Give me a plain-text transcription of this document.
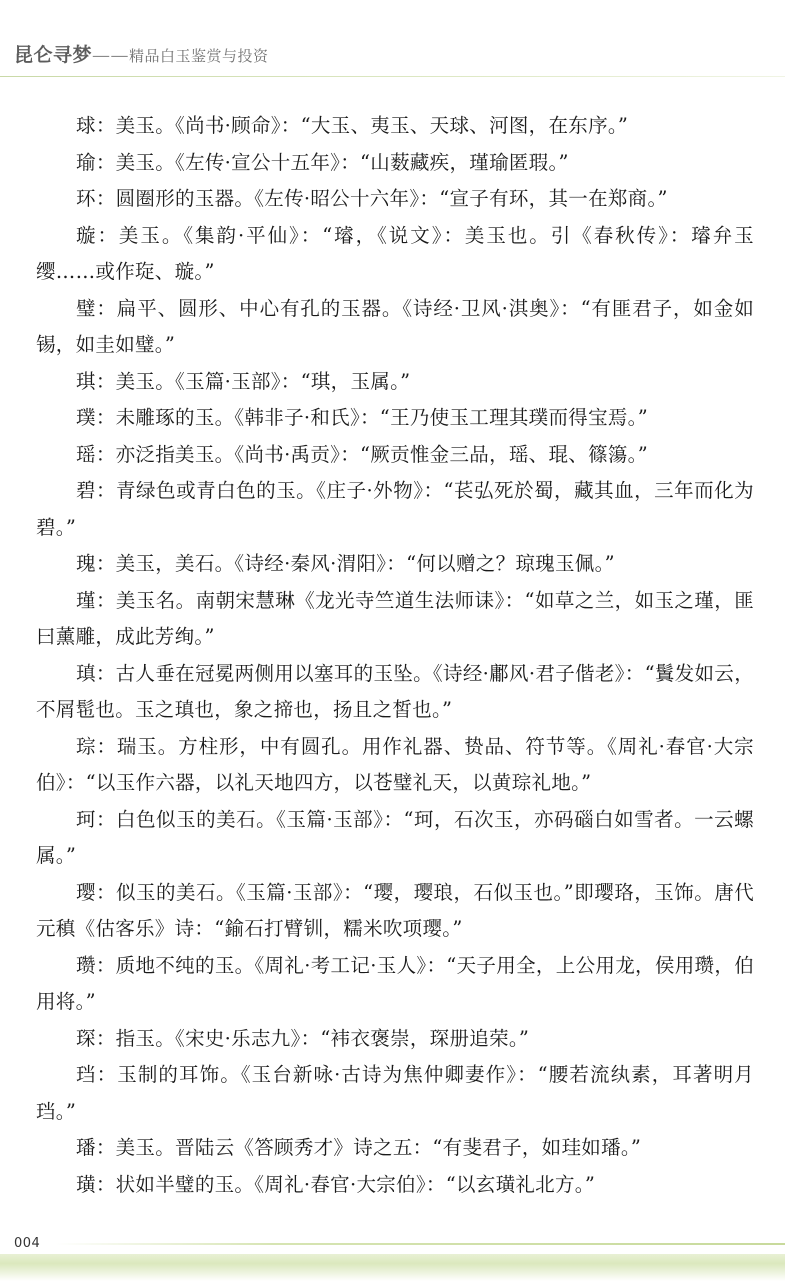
昆仑寻梦——精品白玉鉴赏与投资

球：美玉。《尚书·顾命》：“大玉、夷玉、天球、河图，在东序。”

瑜：美玉。《左传·宣公十五年》：“山薮藏疾，瑾瑜匿瑕。”

环：圆圈形的玉器。《左传·昭公十六年》：“宣子有环，其一在郑商。”

璇：美玉。《集韵·平仙》：“璿，《说文》：美玉也。引《春秋传》：璿弁玉缨……或作琁、璇。”

璧：扁平、圆形、中心有孔的玉器。《诗经·卫风·淇奥》：“有匪君子，如金如锡，如圭如璧。”

琪：美玉。《玉篇·玉部》：“琪，玉属。”

璞：未雕琢的玉。《韩非子·和氏》：“王乃使玉工理其璞而得宝焉。”

瑶：亦泛指美玉。《尚书·禹贡》：“厥贡惟金三品，瑶、琨、篠簜。”

碧：青绿色或青白色的玉。《庄子·外物》：“苌弘死於蜀，藏其血，三年而化为碧。”

瑰：美玉，美石。《诗经·秦风·渭阳》：“何以赠之？琼瑰玉佩。”

瑾：美玉名。南朝宋慧琳《龙光寺竺道生法师诔》：“如草之兰，如玉之瑾，匪曰薰雕，成此芳绚。”

瑱：古人垂在冠冕两侧用以塞耳的玉坠。《诗经·鄘风·君子偕老》：“鬒发如云，不屑髢也。玉之瑱也，象之揥也，扬且之皙也。”

琮：瑞玉。方柱形，中有圆孔。用作礼器、贽品、符节等。《周礼·春官·大宗伯》：“以玉作六器，以礼天地四方，以苍璧礼天，以黄琮礼地。”

珂：白色似玉的美石。《玉篇·玉部》：“珂，石次玉，亦码碯白如雪者。一云螺属。”

璎：似玉的美石。《玉篇·玉部》：“璎，璎琅，石似玉也。”即璎珞，玉饰。唐代元稹《估客乐》诗：“鍮石打臂钏，糯米吹项璎。”

瓒：质地不纯的玉。《周礼·考工记·玉人》：“天子用全，上公用龙，侯用瓒，伯用将。”

琛：指玉。《宋史·乐志九》：“袆衣褒崇，琛册追荣。”

珰：玉制的耳饰。《玉台新咏·古诗为焦仲卿妻作》：“腰若流纨素，耳著明月珰。”

璠：美玉。晋陆云《答顾秀才》诗之五：“有斐君子，如珪如璠。”

璜：状如半璧的玉。《周礼·春官·大宗伯》：“以玄璜礼北方。”

004
